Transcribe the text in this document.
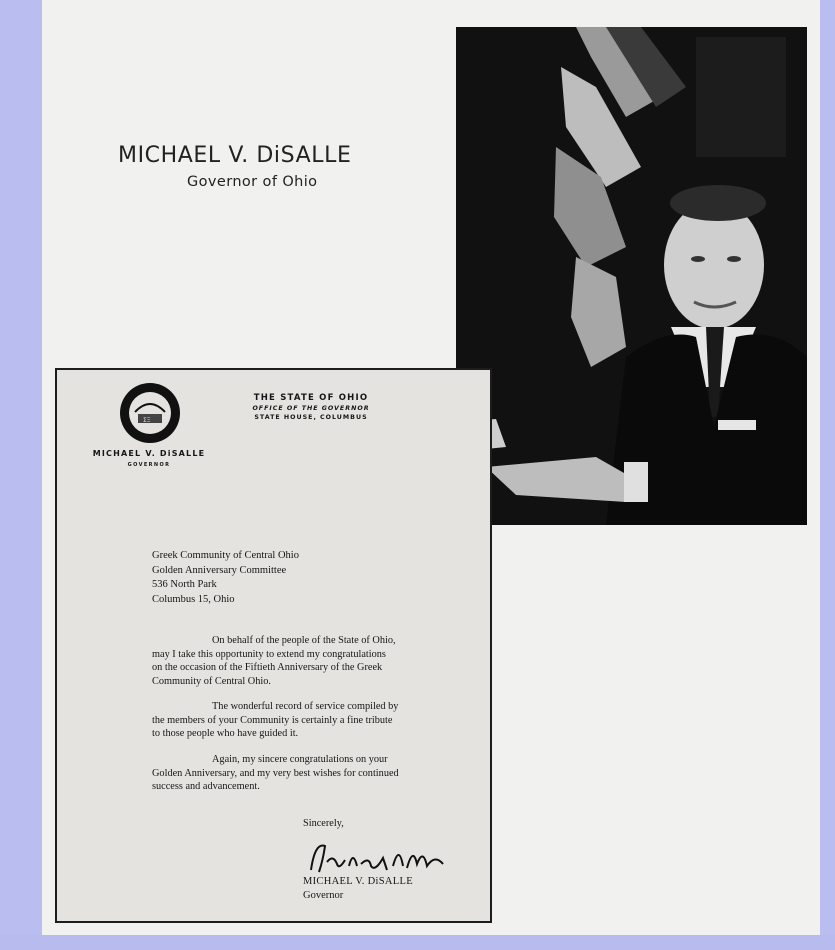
MICHAEL V. DiSALLE
Governor of Ohio
ΣΞ
MICHAEL V. DiSALLE
GOVERNOR
THE STATE OF OHIO
OFFICE OF THE GOVERNOR
STATE HOUSE, COLUMBUS
Greek Community of Central Ohio
Golden Anniversary Committee
536 North Park
Columbus 15, Ohio
On behalf of the people of the State of Ohio,
may I take this opportunity to extend my congratulations
on the occasion of the Fiftieth Anniversary of the Greek
Community of Central Ohio.
The wonderful record of service compiled by
the members of your Community is certainly a fine tribute
to those people who have guided it.
Again, my sincere congratulations on your
Golden Anniversary, and my very best wishes for continued
success and advancement.
Sincerely,
MICHAEL V. DiSALLE
Governor
